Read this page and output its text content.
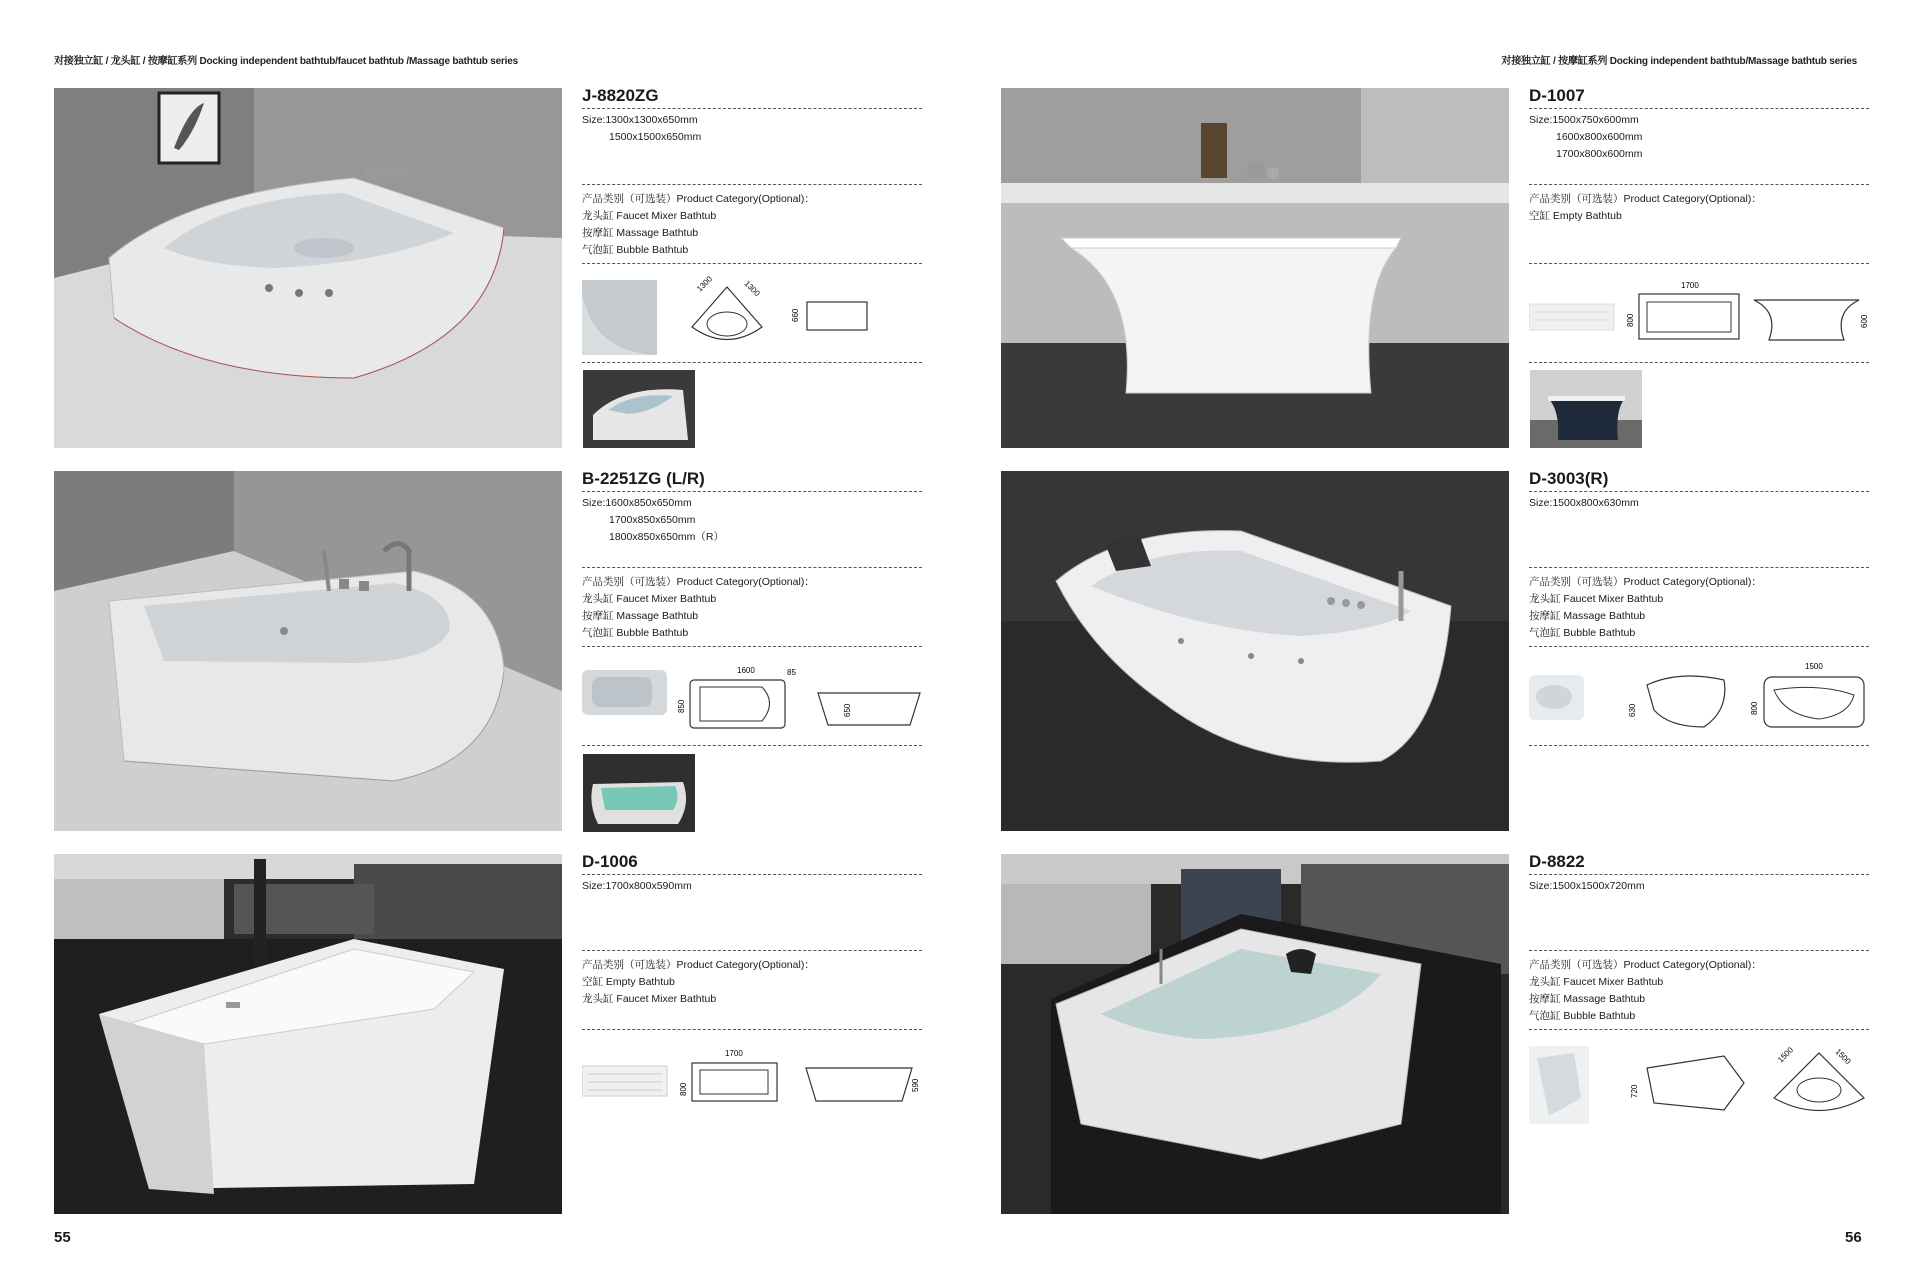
对接独立缸 / 龙头缸 / 按摩缸系列 Docking independent bathtub/faucet bathtub /Massage bathtub series	对接独立缸 / 按摩缸系列 Docking independent bathtub/Massage bathtub series
J-8820ZG
Size:1300x1300x650mm
1500x1500x650mm
产品类别（可选装）Product Category(Optional)：
龙头缸 Faucet Mixer Bathtub
按摩缸 Massage Bathtub
气泡缸 Bubble Bathtub
1300	1300
660
B-2251ZG (L/R)
Size:1600x850x650mm
1700x850x650mm
1800x850x650mm（R）
产品类别（可选装）Product Category(Optional)：
龙头缸 Faucet Mixer Bathtub
按摩缸 Massage Bathtub
气泡缸 Bubble Bathtub
1600	85
850	650
D-1006
Size:1700x800x590mm
产品类别（可选装）Product Category(Optional)：
空缸 Empty Bathtub
龙头缸 Faucet Mixer Bathtub
1700
800	590
55
D-1007
Size:1500x750x600mm
1600x800x600mm
1700x800x600mm
产品类别（可选装）Product Category(Optional)：
空缸 Empty Bathtub
1700
800	600
D-3003(R)
Size:1500x800x630mm
产品类别（可选装）Product Category(Optional)：
龙头缸 Faucet Mixer Bathtub
按摩缸 Massage Bathtub
气泡缸 Bubble Bathtub
630
1500
800
D-8822
Size:1500x1500x720mm
产品类别（可选装）Product Category(Optional)：
龙头缸 Faucet Mixer Bathtub
按摩缸 Massage Bathtub
气泡缸 Bubble Bathtub
720
1500	1500
56
